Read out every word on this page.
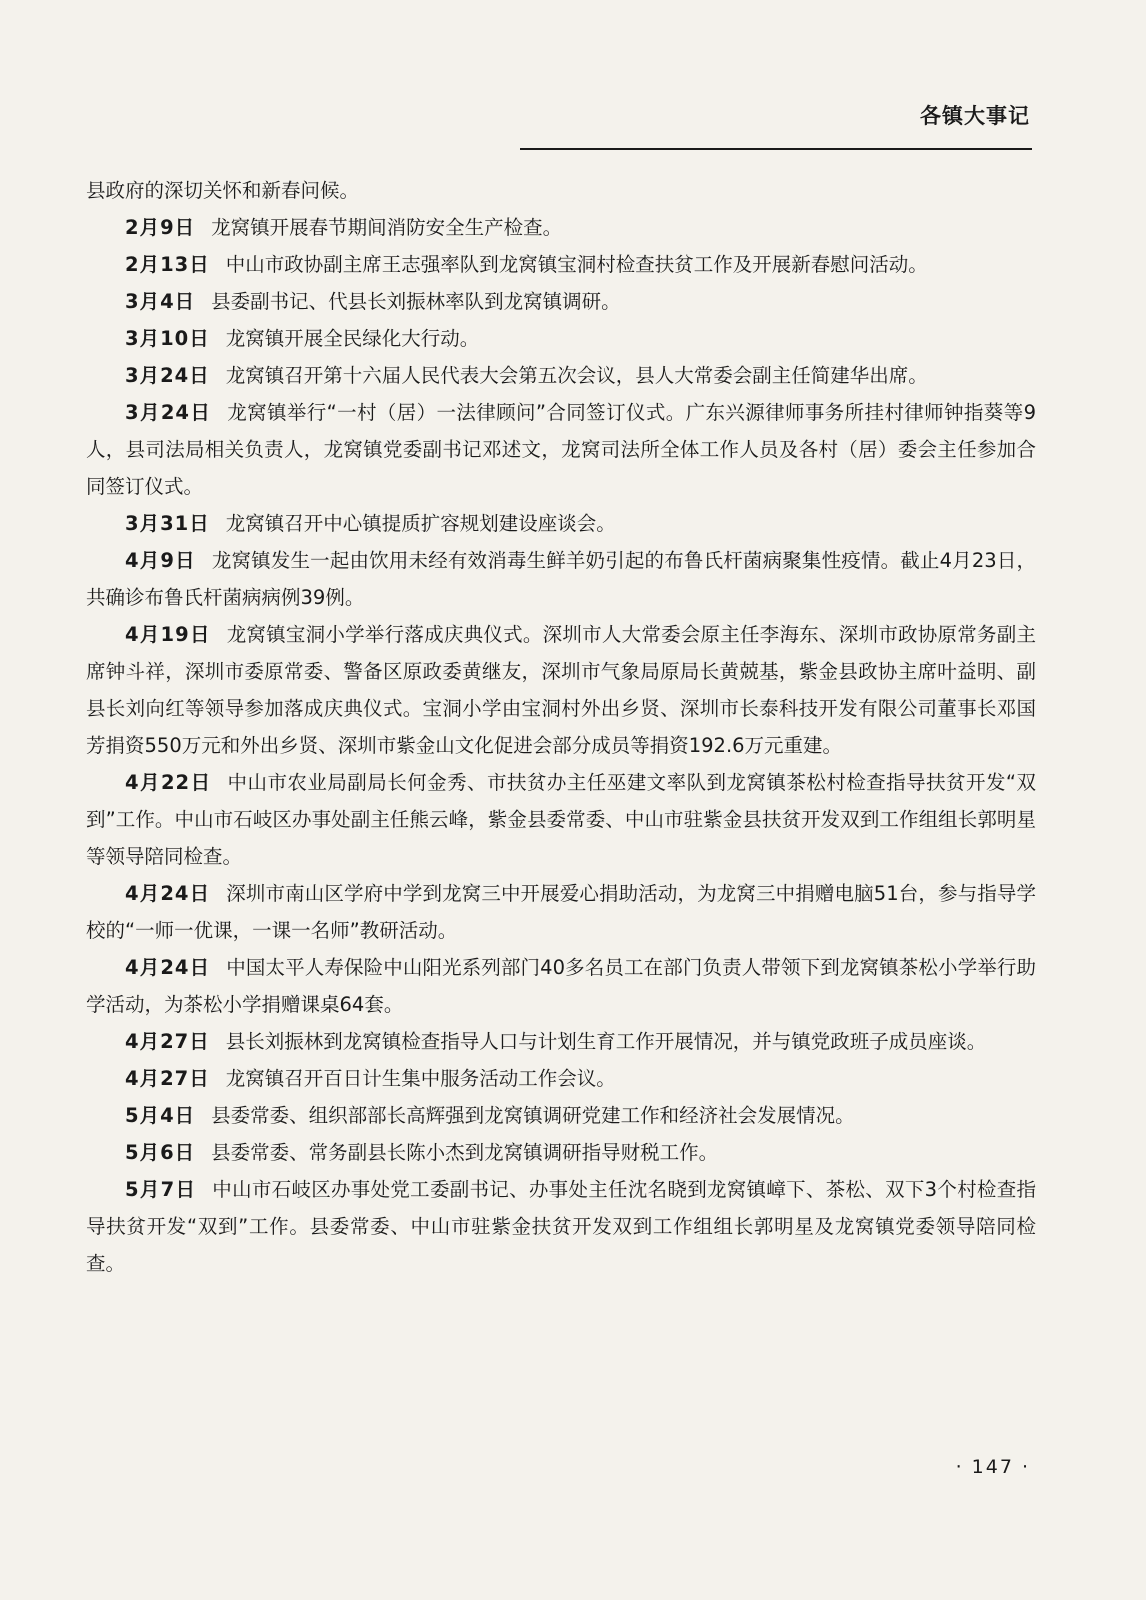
各镇大事记

县政府的深切关怀和新春问候。

2月9日 龙窝镇开展春节期间消防安全生产检查。

2月13日 中山市政协副主席王志强率队到龙窝镇宝洞村检查扶贫工作及开展新春慰问活动。

3月4日 县委副书记、代县长刘振林率队到龙窝镇调研。

3月10日 龙窝镇开展全民绿化大行动。

3月24日 龙窝镇召开第十六届人民代表大会第五次会议，县人大常委会副主任简建华出席。

3月24日 龙窝镇举行“一村（居）一法律顾问”合同签订仪式。广东兴源律师事务所挂村律师钟指葵等9人，县司法局相关负责人，龙窝镇党委副书记邓述文，龙窝司法所全体工作人员及各村（居）委会主任参加合同签订仪式。

3月31日 龙窝镇召开中心镇提质扩容规划建设座谈会。

4月9日 龙窝镇发生一起由饮用未经有效消毒生鲜羊奶引起的布鲁氏杆菌病聚集性疫情。截止4月23日，共确诊布鲁氏杆菌病病例39例。

4月19日 龙窝镇宝洞小学举行落成庆典仪式。深圳市人大常委会原主任李海东、深圳市政协原常务副主席钟斗祥，深圳市委原常委、警备区原政委黄继友，深圳市气象局原局长黄兢基，紫金县政协主席叶益明、副县长刘向红等领导参加落成庆典仪式。宝洞小学由宝洞村外出乡贤、深圳市长泰科技开发有限公司董事长邓国芳捐资550万元和外出乡贤、深圳市紫金山文化促进会部分成员等捐资192.6万元重建。

4月22日 中山市农业局副局长何金秀、市扶贫办主任巫建文率队到龙窝镇茶松村检查指导扶贫开发“双到”工作。中山市石岐区办事处副主任熊云峰，紫金县委常委、中山市驻紫金县扶贫开发双到工作组组长郭明星等领导陪同检查。

4月24日 深圳市南山区学府中学到龙窝三中开展爱心捐助活动，为龙窝三中捐赠电脑51台，参与指导学校的“一师一优课，一课一名师”教研活动。

4月24日 中国太平人寿保险中山阳光系列部门40多名员工在部门负责人带领下到龙窝镇茶松小学举行助学活动，为茶松小学捐赠课桌64套。

4月27日 县长刘振林到龙窝镇检查指导人口与计划生育工作开展情况，并与镇党政班子成员座谈。

4月27日 龙窝镇召开百日计生集中服务活动工作会议。

5月4日 县委常委、组织部部长高辉强到龙窝镇调研党建工作和经济社会发展情况。

5月6日 县委常委、常务副县长陈小杰到龙窝镇调研指导财税工作。

5月7日 中山市石岐区办事处党工委副书记、办事处主任沈名晓到龙窝镇嶂下、茶松、双下3个村检查指导扶贫开发“双到”工作。县委常委、中山市驻紫金扶贫开发双到工作组组长郭明星及龙窝镇党委领导陪同检查。

· 147 ·
